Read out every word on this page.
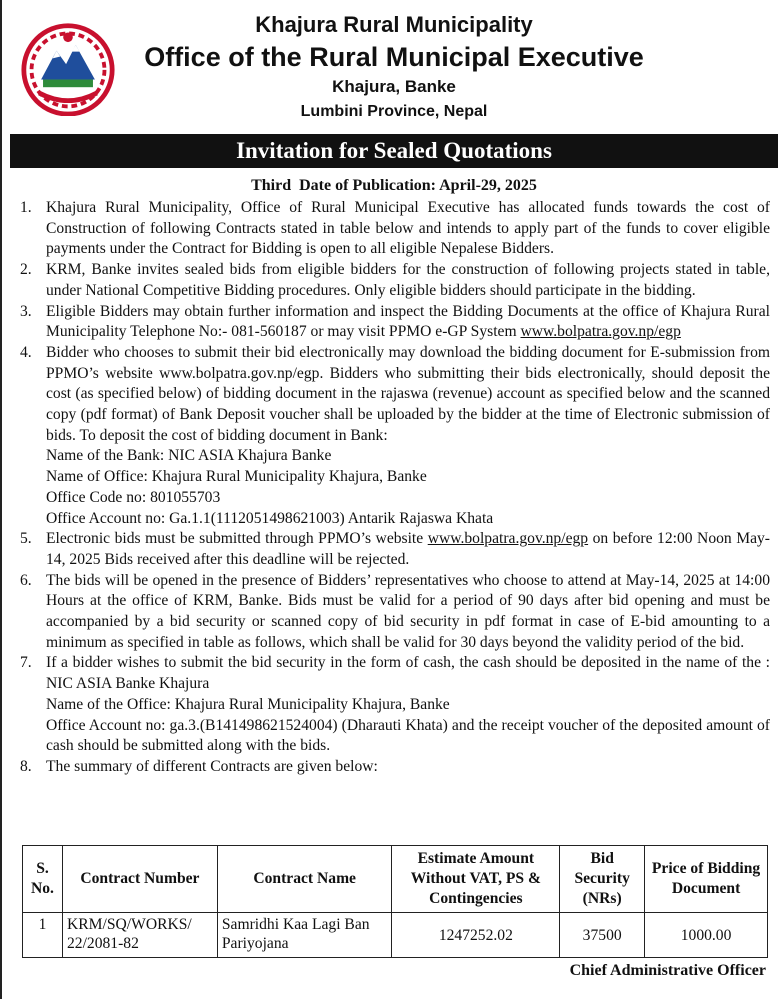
Khajura Rural Municipality
Office of the Rural Municipal Executive
Khajura, Banke
Lumbini Province, Nepal
Invitation for Sealed Quotations
Third  Date of Publication: April-29, 2025
1. Khajura Rural Municipality, Office of Rural Municipal Executive has allocated funds towards the cost of Construction of following Contracts stated in table below and intends to apply part of the funds to cover eligible payments under the Contract for Bidding is open to all eligible Nepalese Bidders.

2. KRM, Banke invites sealed bids from eligible bidders for the construction of following projects stated in table, under National Competitive Bidding procedures. Only eligible bidders should participate in the bidding.

3. Eligible Bidders may obtain further information and inspect the Bidding Documents at the office of Khajura Rural Municipality Telephone No:- 081-560187 or may visit PPMO e-GP System www.bolpatra.gov.np/egp

4. Bidder who chooses to submit their bid electronically may download the bidding document for E-submission from PPMO’s website www.bolpatra.gov.np/egp. Bidders who submitting their bids electronically, should deposit the cost (as specified below) of bidding document in the rajaswa (revenue) account as specified below and the scanned copy (pdf format) of Bank Deposit voucher shall be uploaded by the bidder at the time of Electronic submission of bids. To deposit the cost of bidding document in Bank:

Name of the Bank: NIC ASIA Khajura Banke

Name of Office: Khajura Rural Municipality Khajura, Banke

Office Code no: 801055703

Office Account no: Ga.1.1(1112051498621003) Antarik Rajaswa Khata

5. Electronic bids must be submitted through PPMO’s website www.bolpatra.gov.np/egp on before 12:00 Noon May-14, 2025 Bids received after this deadline will be rejected.

6. The bids will be opened in the presence of Bidders’ representatives who choose to attend at May-14, 2025 at 14:00 Hours at the office of KRM, Banke. Bids must be valid for a period of 90 days after bid opening and must be accompanied by a bid security or scanned copy of bid security in pdf format in case of E-bid amounting to a minimum as specified in table as follows, which shall be valid for 30 days beyond the validity period of the bid.

7. If a bidder wishes to submit the bid security in the form of cash, the cash should be deposited in the name of the : NIC ASIA Banke Khajura

Name of the Office: Khajura Rural Municipality Khajura, Banke

Office Account no: ga.3.(B141498621524004) (Dharauti Khata) and the receipt voucher of the deposited amount of cash should be submitted along with the bids.

8. The summary of different Contracts are given below:

S. No.	Contract Number	Contract Name	Estimate Amount Without VAT, PS & Contingencies	Bid Security (NRs)	Price of Bidding Document
1	KRM/SQ/WORKS/ 22/2081-82	Samridhi Kaa Lagi Ban Pariyojana	1247252.02	37500	1000.00
Chief Administrative Officer
